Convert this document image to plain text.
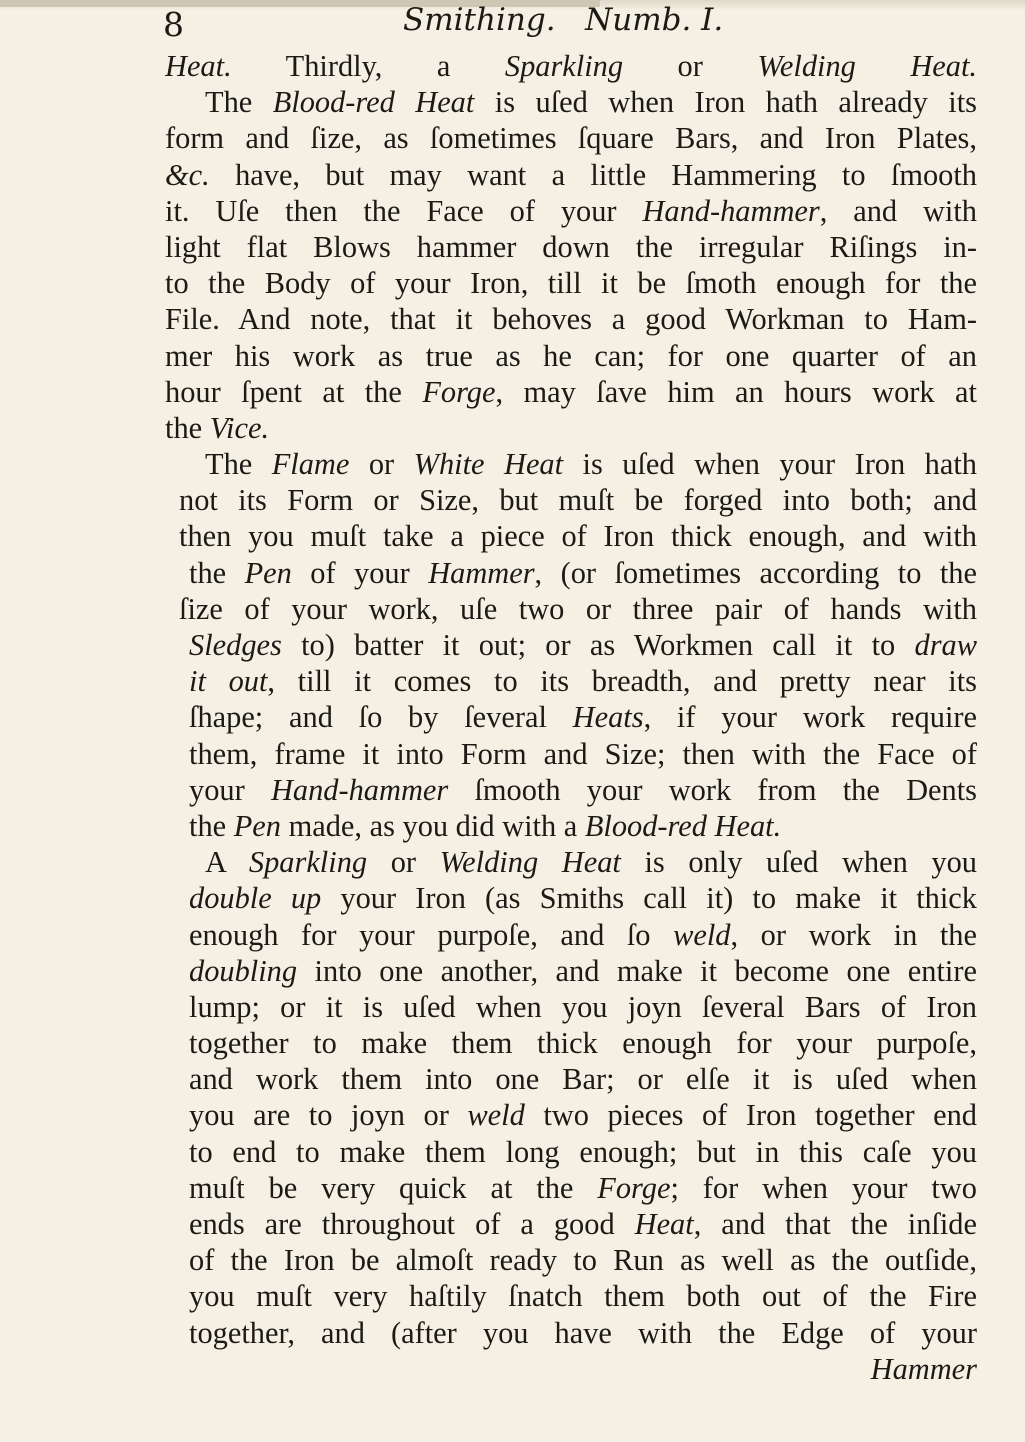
8	Smithing. Numb. I.
Heat. Thirdly, a Sparkling or Welding Heat.
The Blood-red Heat is uſed when Iron hath already its
form and ſize, as ſometimes ſquare Bars, and Iron Plates,
&c. have, but may want a little Hammering to ſmooth
it. Uſe then the Face of your Hand-hammer, and with
light flat Blows hammer down the irregular Riſings in-
to the Body of your Iron, till it be ſmoth enough for the
File. And note, that it behoves a good Workman to Ham-
mer his work as true as he can; for one quarter of an
hour ſpent at the Forge, may ſave him an hours work at
the Vice.
The Flame or White Heat is uſed when your Iron hath
not its Form or Size, but muſt be forged into both; and
then you muſt take a piece of Iron thick enough, and with
the Pen of your Hammer, (or ſometimes according to the
ſize of your work, uſe two or three pair of hands with
Sledges to) batter it out; or as Workmen call it to draw
it out, till it comes to its breadth, and pretty near its
ſhape; and ſo by ſeveral Heats, if your work require
them, frame it into Form and Size; then with the Face of
your Hand-hammer ſmooth your work from the Dents
the Pen made, as you did with a Blood-red Heat.
A Sparkling or Welding Heat is only uſed when you
double up your Iron (as Smiths call it) to make it thick
enough for your purpoſe, and ſo weld, or work in the
doubling into one another, and make it become one entire
lump; or it is uſed when you joyn ſeveral Bars of Iron
together to make them thick enough for your purpoſe,
and work them into one Bar; or elſe it is uſed when
you are to joyn or weld two pieces of Iron together end
to end to make them long enough; but in this caſe you
muſt be very quick at the Forge; for when your two
ends are throughout of a good Heat, and that the inſide
of the Iron be almoſt ready to Run as well as the outſide,
you muſt very haſtily ſnatch them both out of the Fire
together, and (after you have with the Edge of your
Hammer
